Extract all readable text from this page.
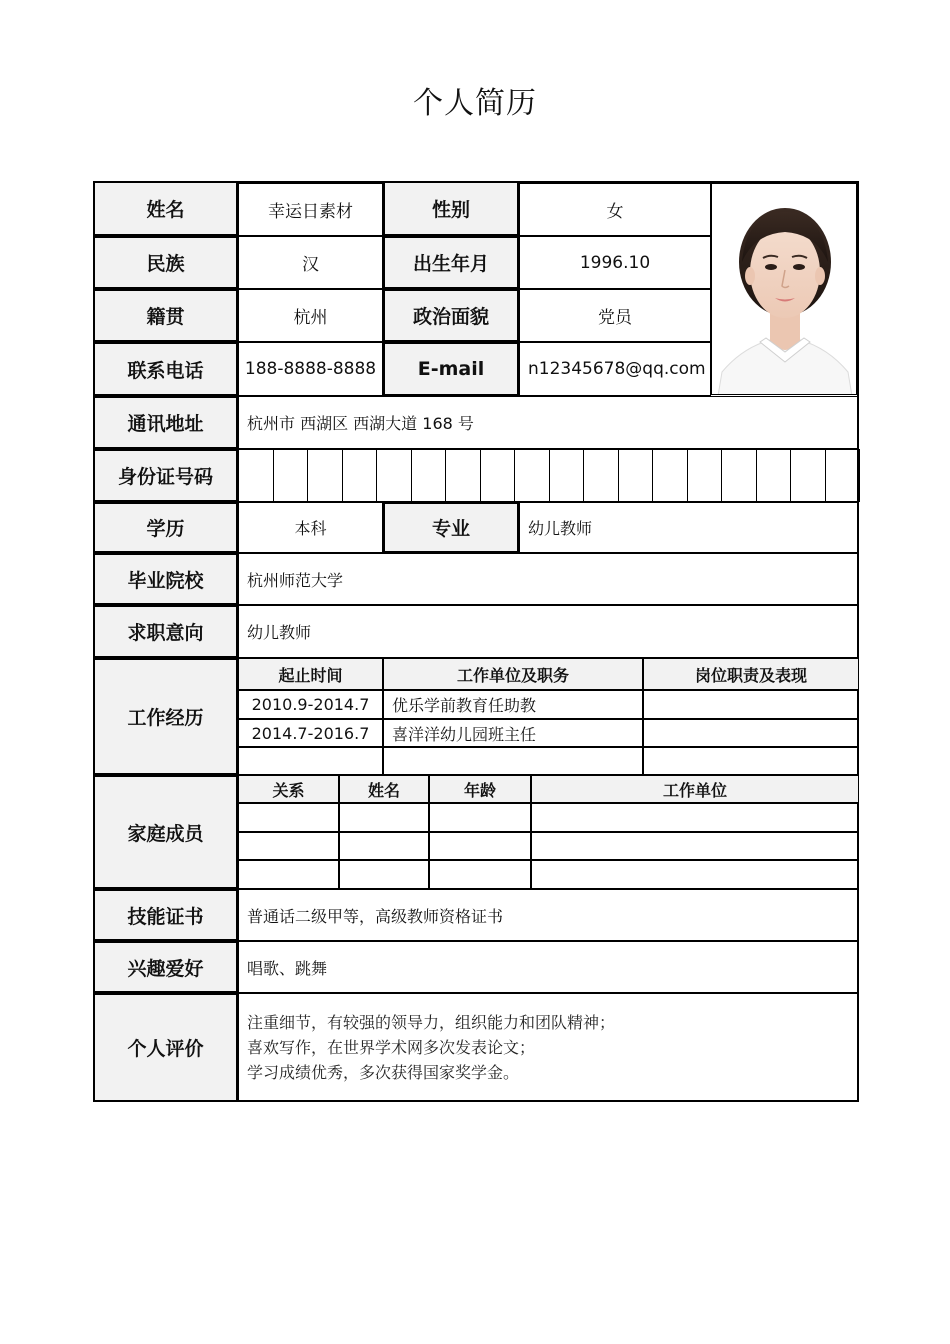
个人简历
姓名	幸运日素材	性别	女
民族	汉	出生年月	1996.10
籍贯	杭州	政治面貌	党员
联系电话	188-8888-8888	E-mail	n12345678@qq.com
通讯地址	杭州市 西湖区 西湖大道 168 号
身份证号码
学历	本科	专业	幼儿教师
毕业院校	杭州师范大学
求职意向	幼儿教师
工作经历
起止时间	工作单位及职务	岗位职责及表现
2010.9-2014.7	优乐学前教育任助教
2014.7-2016.7	喜洋洋幼儿园班主任
家庭成员
关系	姓名	年龄	工作单位
技能证书	普通话二级甲等，高级教师资格证书
兴趣爱好	唱歌、跳舞
个人评价
注重细节，有较强的领导力，组织能力和团队精神；
喜欢写作，在世界学术网多次发表论文；
学习成绩优秀，多次获得国家奖学金。
